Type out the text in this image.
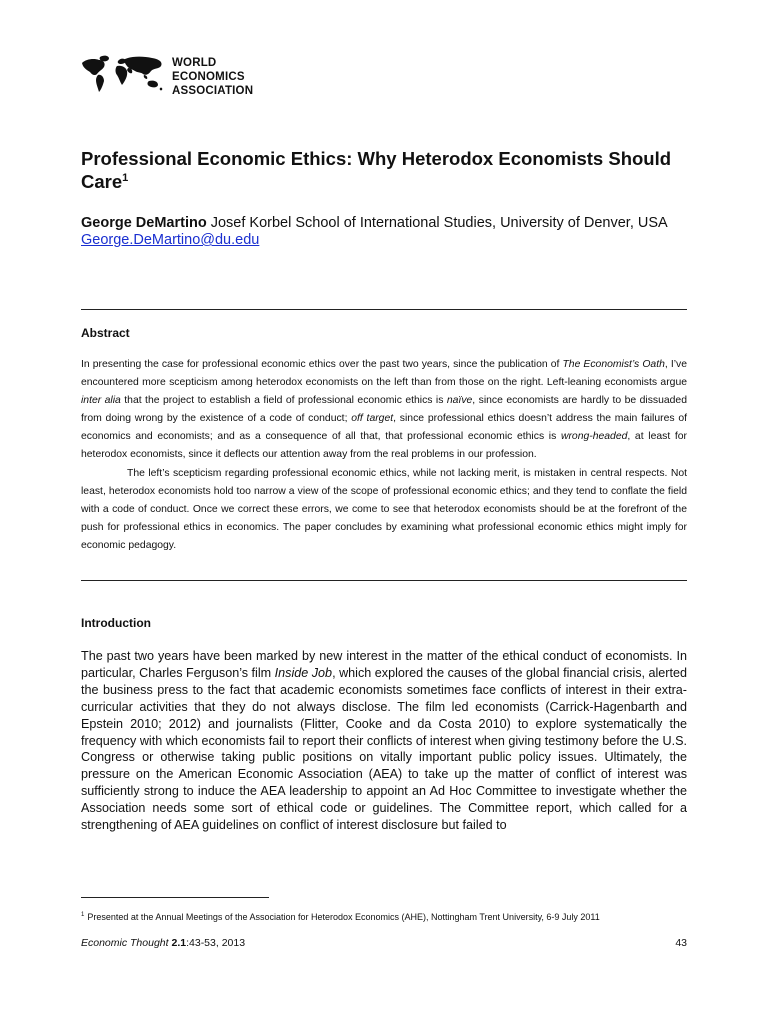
WORLD
ECONOMICS
ASSOCIATION
Professional Economic Ethics: Why Heterodox Economists Should Care$^1$
George DeMartino Josef Korbel School of International Studies, University of Denver, USA
George.DeMartino@du.edu
Abstract

In presenting the case for professional economic ethics over the past two years, since the publication of The Economist’s Oath, I’ve encountered more scepticism among heterodox economists on the left than from those on the right. Left-leaning economists argue inter alia that the project to establish a field of professional economic ethics is naïve, since economists are hardly to be dissuaded from doing wrong by the existence of a code of conduct; off target, since professional ethics doesn’t address the main failures of economics and economists; and as a consequence of all that, that professional economic ethics is wrong-headed, at least for heterodox economists, since it deflects our attention away from the real problems in our profession.

The left’s scepticism regarding professional economic ethics, while not lacking merit, is mistaken in central respects. Not least, heterodox economists hold too narrow a view of the scope of professional economic ethics; and they tend to conflate the field with a code of conduct. Once we correct these errors, we come to see that heterodox economists should be at the forefront of the push for professional ethics in economics. The paper concludes by examining what professional economic ethics might imply for economic pedagogy.

Introduction

The past two years have been marked by new interest in the matter of the ethical conduct of economists. In particular, Charles Ferguson’s film Inside Job, which explored the causes of the global financial crisis, alerted the business press to the fact that academic economists sometimes face conflicts of interest in their extra-curricular activities that they do not always disclose. The film led economists (Carrick-Hagenbarth and Epstein 2010; 2012) and journalists (Flitter, Cooke and da Costa 2010) to explore systematically the frequency with which economists fail to report their conflicts of interest when giving testimony before the U.S. Congress or otherwise taking public positions on vitally important public policy issues. Ultimately, the pressure on the American Economic Association (AEA) to take up the matter of conflict of interest was sufficiently strong to induce the AEA leadership to appoint an Ad Hoc Committee to investigate whether the Association needs some sort of ethical code or guidelines. The Committee report, which called for a strengthening of AEA guidelines on conflict of interest disclosure but failed to

$^1$ Presented at the Annual Meetings of the Association for Heterodox Economics (AHE), Nottingham Trent University, 6-9 July 2011
Economic Thought 2.1:43-53, 2013	43
